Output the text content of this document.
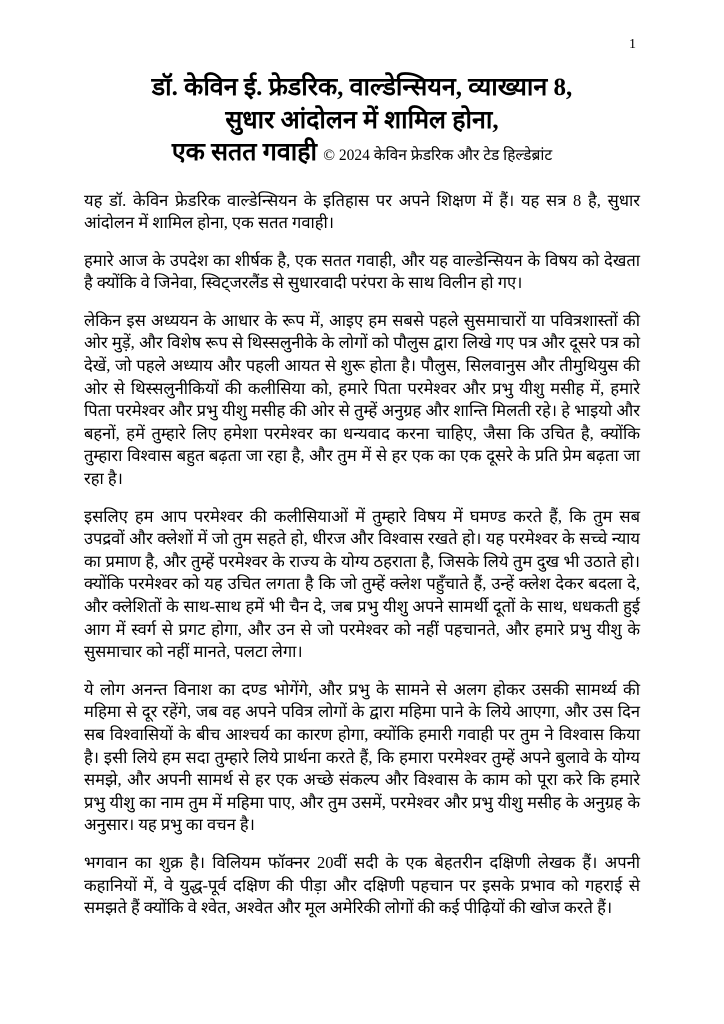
1
डॉ. केविन ई. फ्रेडरिक, वाल्डेन्सियन, व्याख्यान 8,
सुधार आंदोलन में शामिल होना,
एक सतत गवाही © 2024 केविन फ्रेडरिक और टेड हिल्डेब्रांट

यह डॉ. केविन फ्रेडरिक वाल्डेन्सियन के इतिहास पर अपने शिक्षण में हैं। यह सत्र 8 है, सुधार आंदोलन में शामिल होना, एक सतत गवाही।

हमारे आज के उपदेश का शीर्षक है, एक सतत गवाही, और यह वाल्डेन्सियन के विषय को देखता है क्योंकि वे जिनेवा, स्विट्जरलैंड से सुधारवादी परंपरा के साथ विलीन हो गए।

लेकिन इस अध्ययन के आधार के रूप में, आइए हम सबसे पहले सुसमाचारों या पवित्रशास्तों की ओर मुड़ें, और विशेष रूप से थिस्सलुनीके के लोगों को पौलुस द्वारा लिखे गए पत्र और दूसरे पत्र को देखें, जो पहले अध्याय और पहली आयत से शुरू होता है। पौलुस, सिलवानुस और तीमुथियुस की ओर से थिस्सलुनीकियों की कलीसिया को, हमारे पिता परमेश्वर और प्रभु यीशु मसीह में, हमारे पिता परमेश्वर और प्रभु यीशु मसीह की ओर से तुम्हें अनुग्रह और शान्ति मिलती रहे। हे भाइयो और बहनों, हमें तुम्हारे लिए हमेशा परमेश्वर का धन्यवाद करना चाहिए, जैसा कि उचित है, क्योंकि तुम्हारा विश्वास बहुत बढ़ता जा रहा है, और तुम में से हर एक का एक दूसरे के प्रति प्रेम बढ़ता जा रहा है।

इसलिए हम आप परमेश्वर की कलीसियाओं में तुम्हारे विषय में घमण्ड करते हैं, कि तुम सब उपद्रवों और क्लेशों में जो तुम सहते हो, धीरज और विश्वास रखते हो। यह परमेश्वर के सच्चे न्याय का प्रमाण है, और तुम्हें परमेश्वर के राज्य के योग्य ठहराता है, जिसके लिये तुम दुख भी उठाते हो। क्योंकि परमेश्वर को यह उचित लगता है कि जो तुम्हें क्लेश पहुँचाते हैं, उन्हें क्लेश देकर बदला दे, और क्लेशितों के साथ-साथ हमें भी चैन दे, जब प्रभु यीशु अपने सामर्थी दूतों के साथ, धधकती हुई आग में स्वर्ग से प्रगट होगा, और उन से जो परमेश्वर को नहीं पहचानते, और हमारे प्रभु यीशु के सुसमाचार को नहीं मानते, पलटा लेगा।

ये लोग अनन्त विनाश का दण्ड भोगेंगे, और प्रभु के सामने से अलग होकर उसकी सामर्थ्य की महिमा से दूर रहेंगे, जब वह अपने पवित्र लोगों के द्वारा महिमा पाने के लिये आएगा, और उस दिन सब विश्वासियों के बीच आश्चर्य का कारण होगा, क्योंकि हमारी गवाही पर तुम ने विश्वास किया है। इसी लिये हम सदा तुम्हारे लिये प्रार्थना करते हैं, कि हमारा परमेश्वर तुम्हें अपने बुलावे के योग्य समझे, और अपनी सामर्थ से हर एक अच्छे संकल्प और विश्वास के काम को पूरा करे कि हमारे प्रभु यीशु का नाम तुम में महिमा पाए, और तुम उसमें, परमेश्वर और प्रभु यीशु मसीह के अनुग्रह के अनुसार। यह प्रभु का वचन है।

भगवान का शुक्र है। विलियम फॉक्नर 20वीं सदी के एक बेहतरीन दक्षिणी लेखक हैं। अपनी कहानियों में, वे युद्ध-पूर्व दक्षिण की पीड़ा और दक्षिणी पहचान पर इसके प्रभाव को गहराई से समझते हैं क्योंकि वे श्वेत, अश्वेत और मूल अमेरिकी लोगों की कई पीढ़ियों की खोज करते हैं।
